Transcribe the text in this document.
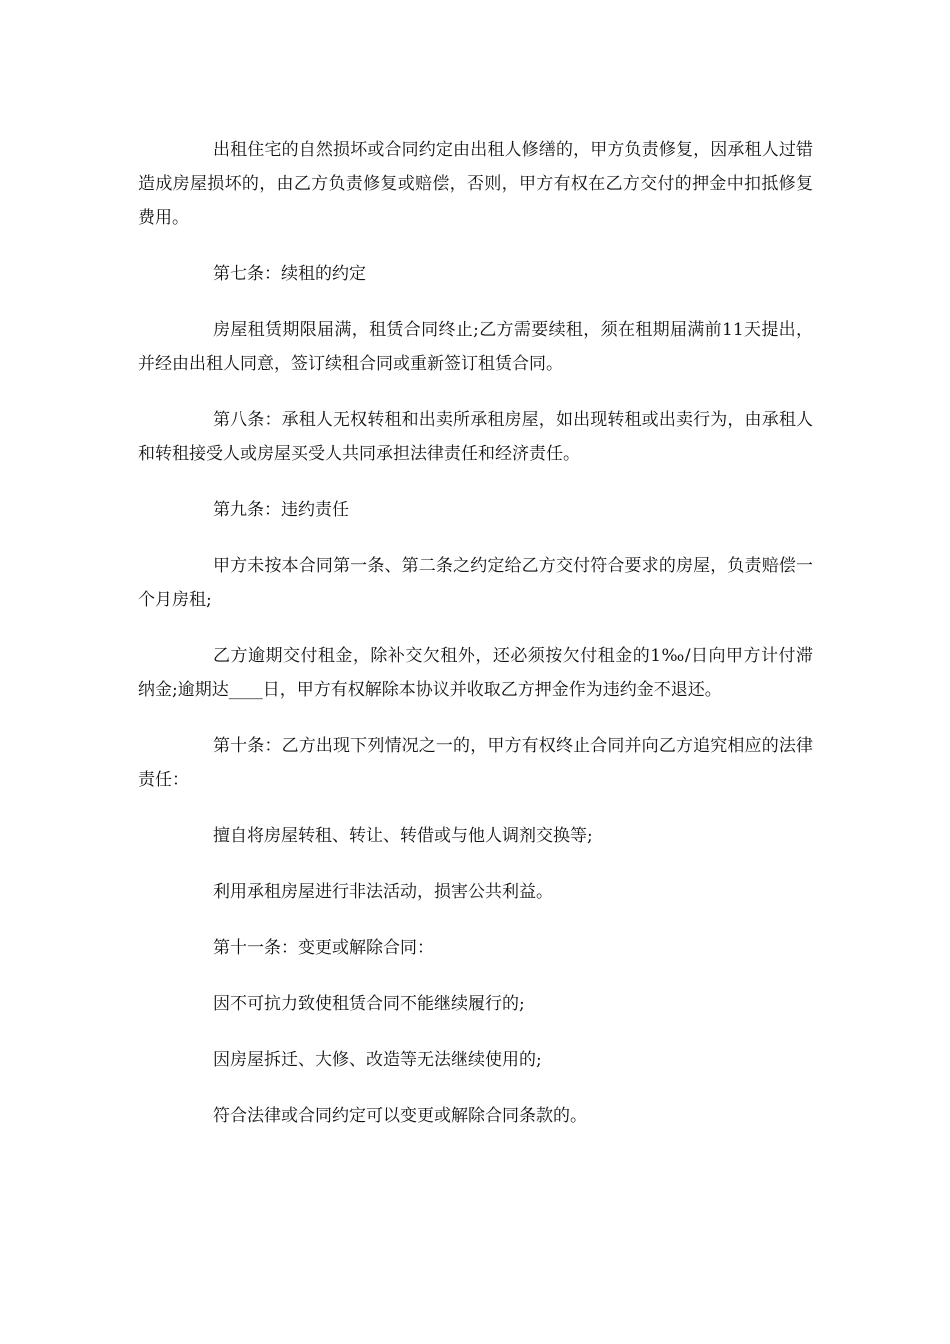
出租住宅的自然损坏或合同约定由出租人修缮的，甲方负责修复，因承租人过错造成房屋损坏的，由乙方负责修复或赔偿，否则，甲方有权在乙方交付的押金中扣抵修复费用。

第七条：续租的约定

房屋租赁期限届满，租赁合同终止;乙方需要续租，须在租期届满前11天提出，并经由出租人同意，签订续租合同或重新签订租赁合同。

第八条：承租人无权转租和出卖所承租房屋，如出现转租或出卖行为，由承租人和转租接受人或房屋买受人共同承担法律责任和经济责任。

第九条：违约责任

甲方未按本合同第一条、第二条之约定给乙方交付符合要求的房屋，负责赔偿一个月房租;

乙方逾期交付租金，除补交欠租外，还必须按欠付租金的1‰/日向甲方计付滞纳金;逾期达____日，甲方有权解除本协议并收取乙方押金作为违约金不退还。

第十条：乙方出现下列情况之一的，甲方有权终止合同并向乙方追究相应的法律责任：

擅自将房屋转租、转让、转借或与他人调剂交换等;

利用承租房屋进行非法活动，损害公共利益。

第十一条：变更或解除合同：

因不可抗力致使租赁合同不能继续履行的;

因房屋拆迁、大修、改造等无法继续使用的;

符合法律或合同约定可以变更或解除合同条款的。
